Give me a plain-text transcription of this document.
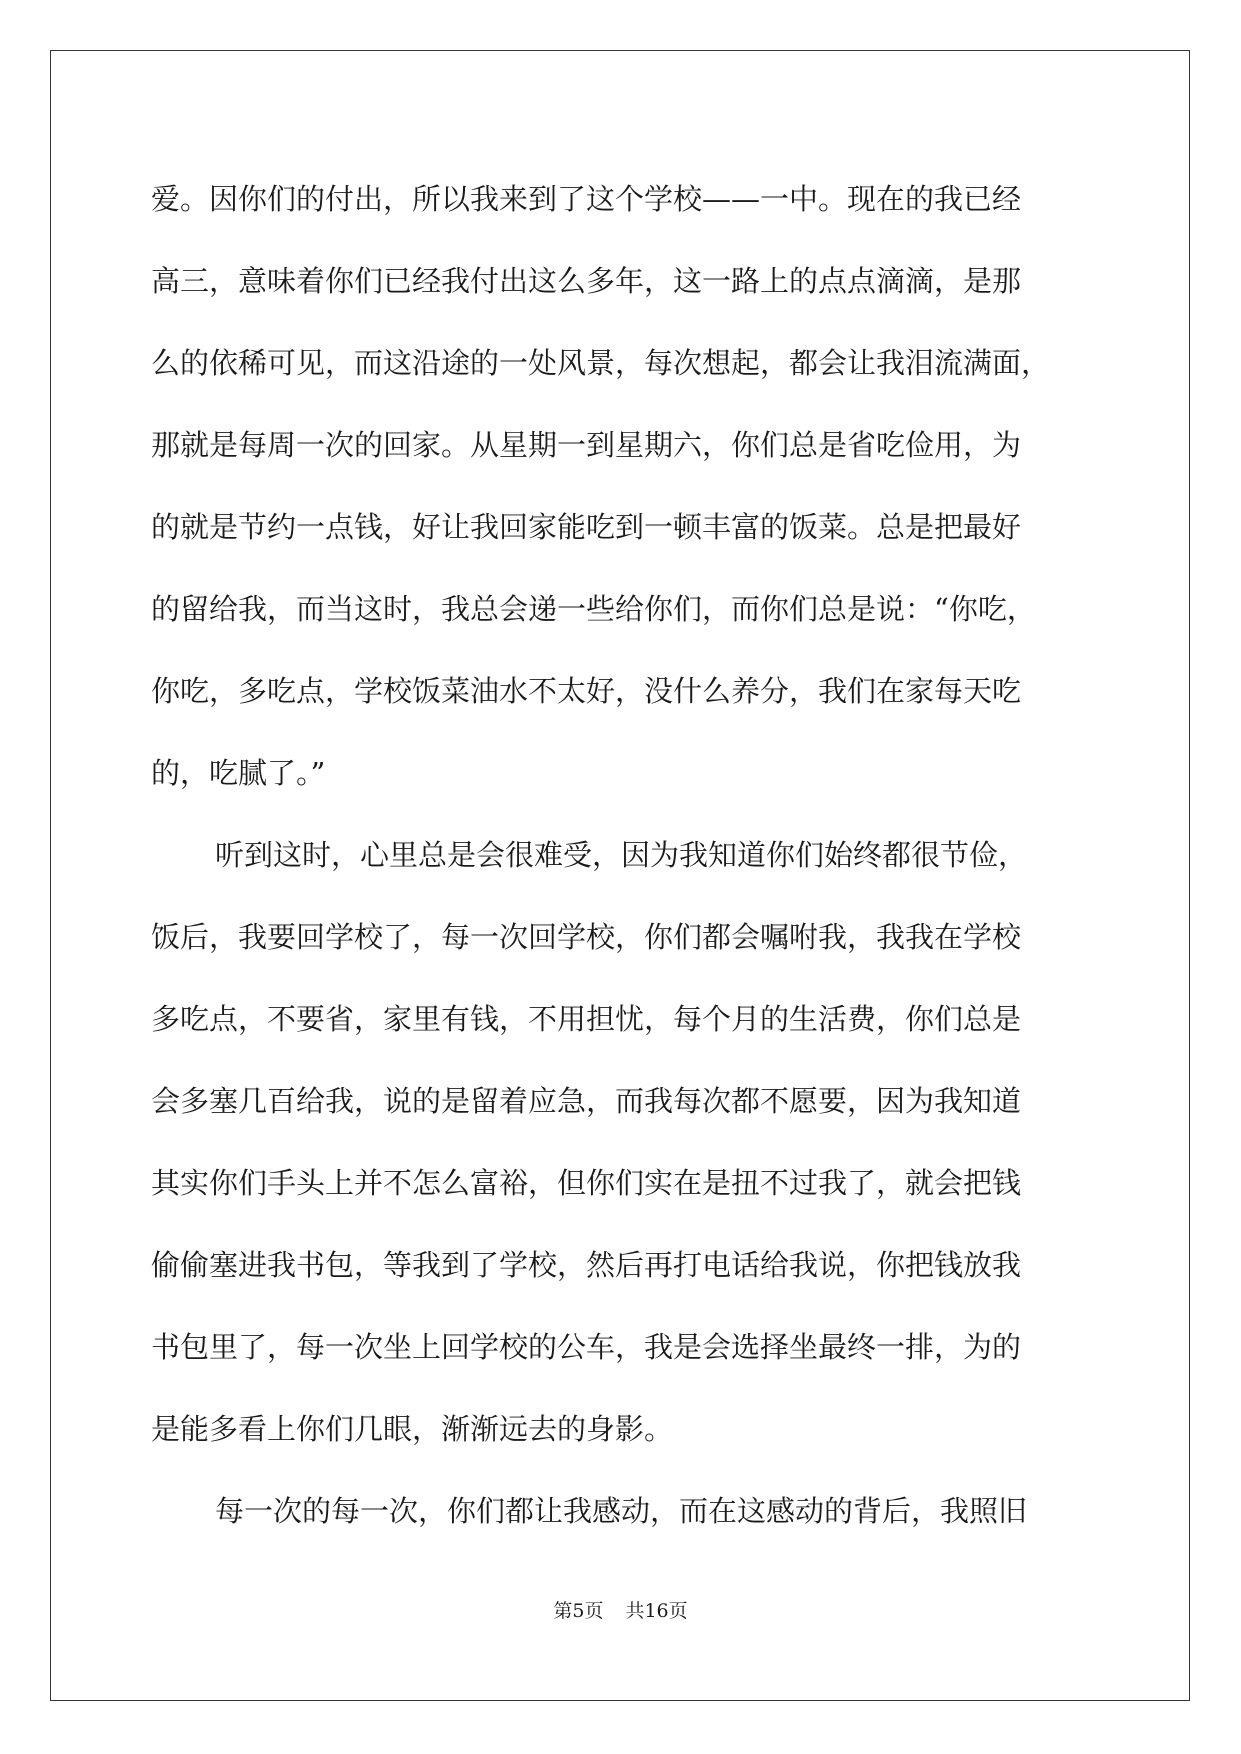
爱。因你们的付出，所以我来到了这个学校——一中。现在的我已经
高三，意味着你们已经我付出这么多年，这一路上的点点滴滴，是那
么的依稀可见，而这沿途的一处风景，每次想起，都会让我泪流满面，
那就是每周一次的回家。从星期一到星期六，你们总是省吃俭用，为
的就是节约一点钱，好让我回家能吃到一顿丰富的饭菜。总是把最好
的留给我，而当这时，我总会递一些给你们，而你们总是说：“你吃，
你吃，多吃点，学校饭菜油水不太好，没什么养分，我们在家每天吃
的，吃腻了。”
听到这时，心里总是会很难受，因为我知道你们始终都很节俭，
饭后，我要回学校了，每一次回学校，你们都会嘱咐我，我我在学校
多吃点，不要省，家里有钱，不用担忧，每个月的生活费，你们总是
会多塞几百给我，说的是留着应急，而我每次都不愿要，因为我知道
其实你们手头上并不怎么富裕，但你们实在是扭不过我了，就会把钱
偷偷塞进我书包，等我到了学校，然后再打电话给我说，你把钱放我
书包里了，每一次坐上回学校的公车，我是会选择坐最终一排，为的
是能多看上你们几眼，渐渐远去的身影。
每一次的每一次，你们都让我感动，而在这感动的背后，我照旧
第5页 共16页
